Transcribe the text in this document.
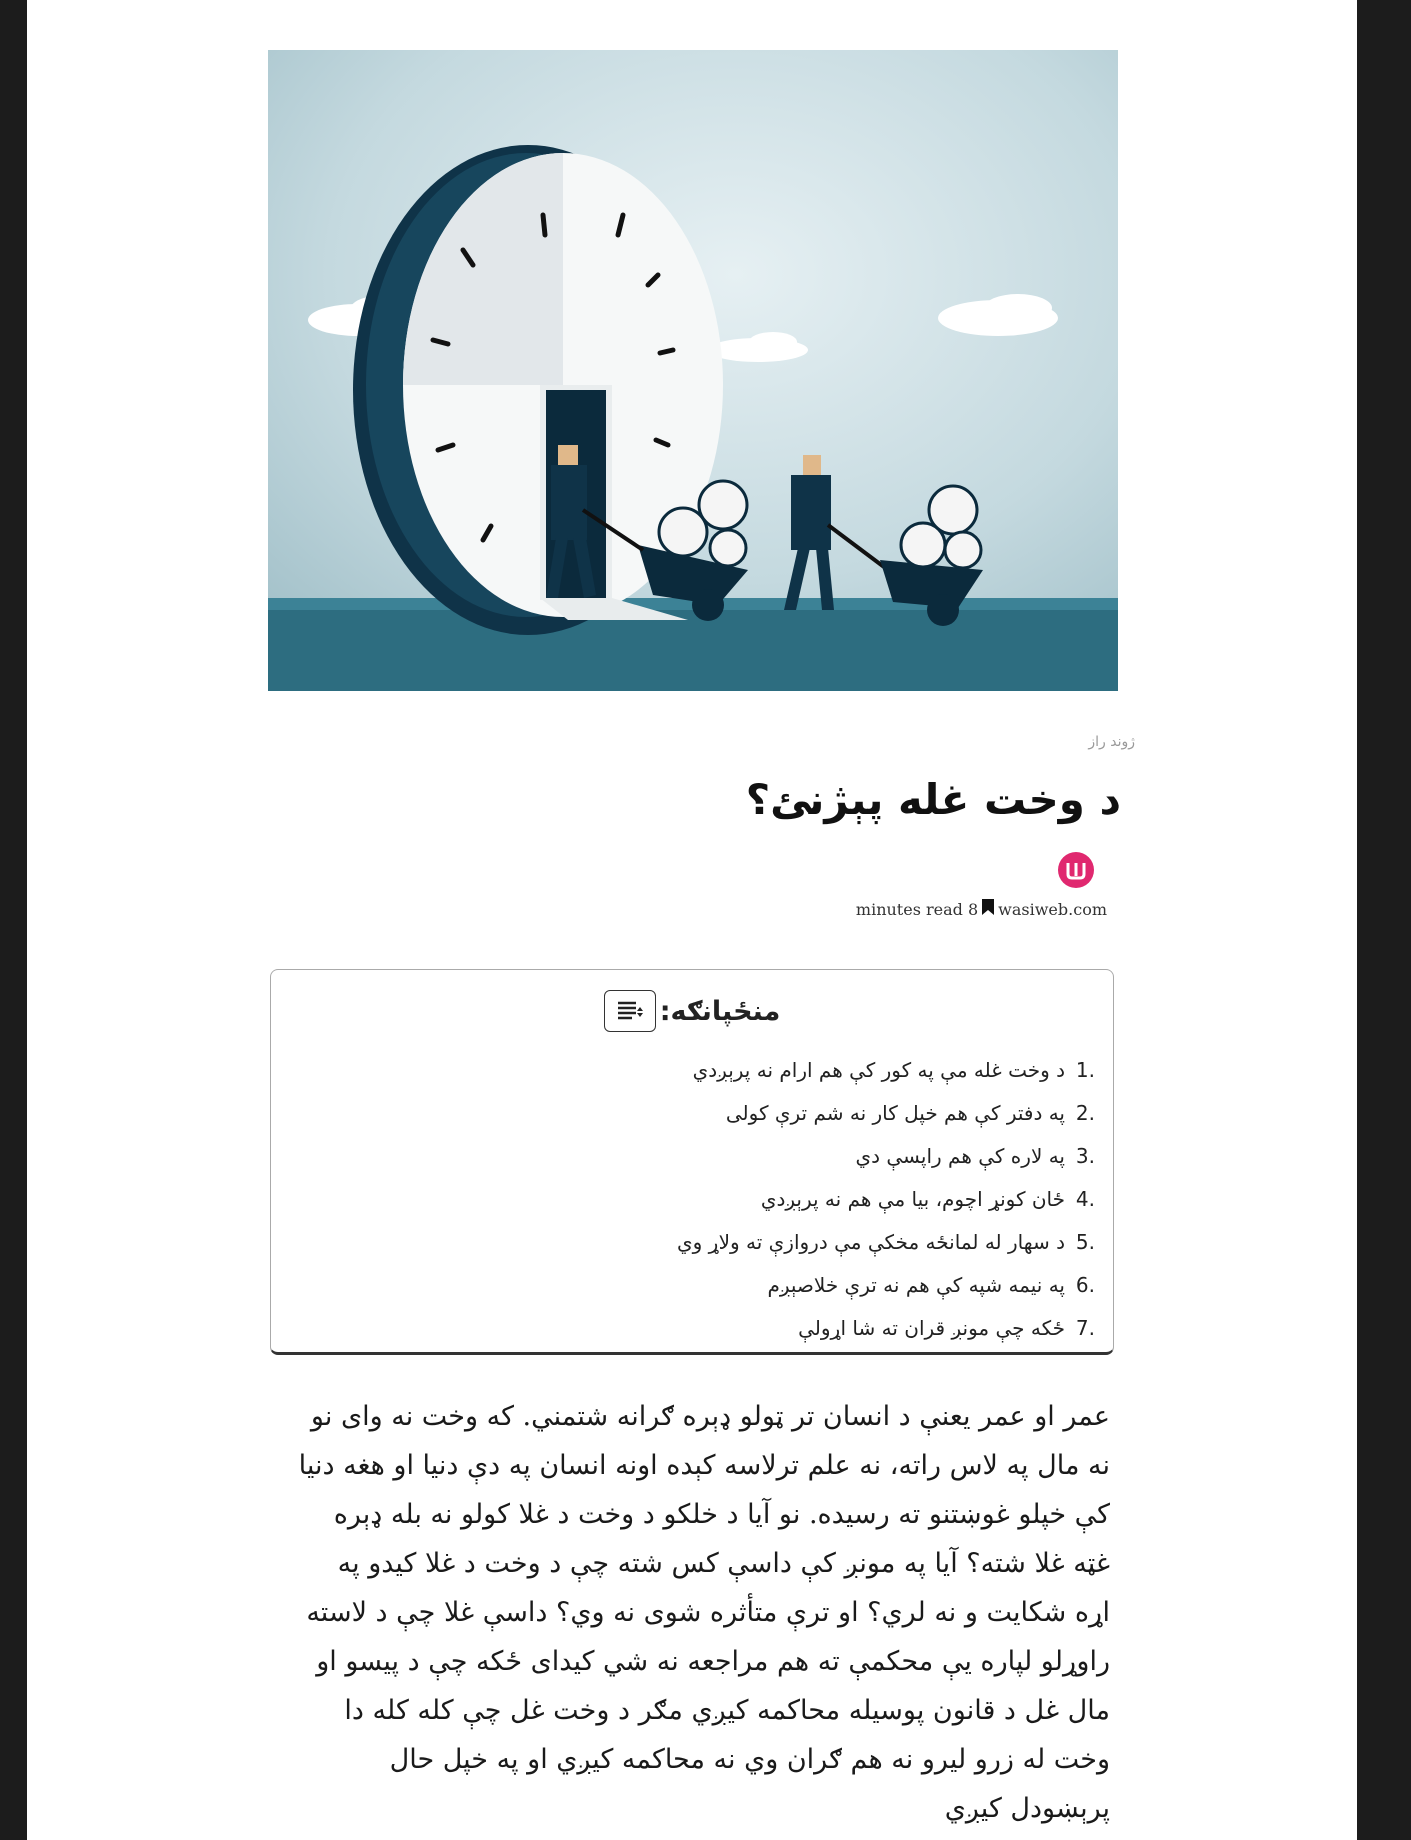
ژوند راز
د وخت غله پېژنئ؟
minutes read 8 wasiweb.com
منځپانګه:
1.
د وخت غله مې په کور کې هم ارام نه پرېږدي
2.
په دفتر کې هم خپل کار نه شم ترې کولی
3.
په لاره کې هم راپسې دي
4.
ځان کونړ اچوم، بیا مې هم نه پرېږدي
5.
د سهار له لمانځه مخکې مې دروازې ته ولاړ وي
6.
په نیمه شپه کې هم نه ترې خلاصېږم
7.
ځکه چې مونږ قران ته شا اړولې

عمر او عمر يعنې د انسان تر ټولو ډېره ګرانه شتمني. که وخت نه وای نو نه مال په لاس راته، نه علم ترلاسه کېده اونه انسان په دې دنیا او هغه دنيا کې خپلو غوښتنو ته رسیده. نو آیا د خلکو د وخت د غلا کولو نه بله ډېره غټه غلا شته؟ آیا په مونږ کې داسې کس شته چې د وخت د غلا کیدو په اړه شکایت و نه لري؟ او ترې متأثره شوی نه وي؟ داسې غلا چې د لاسته راوړلو لپاره یې محکمې ته هم مراجعه نه شي کیدای ځکه چې د پیسو او مال غل د قانون پوسیله محاکمه کیږي مګر د وخت غل چې کله کله دا وخت له زرو لیرو نه هم ګران وي نه محاکمه کیږي او په خپل حال پرېښودل کیږي
